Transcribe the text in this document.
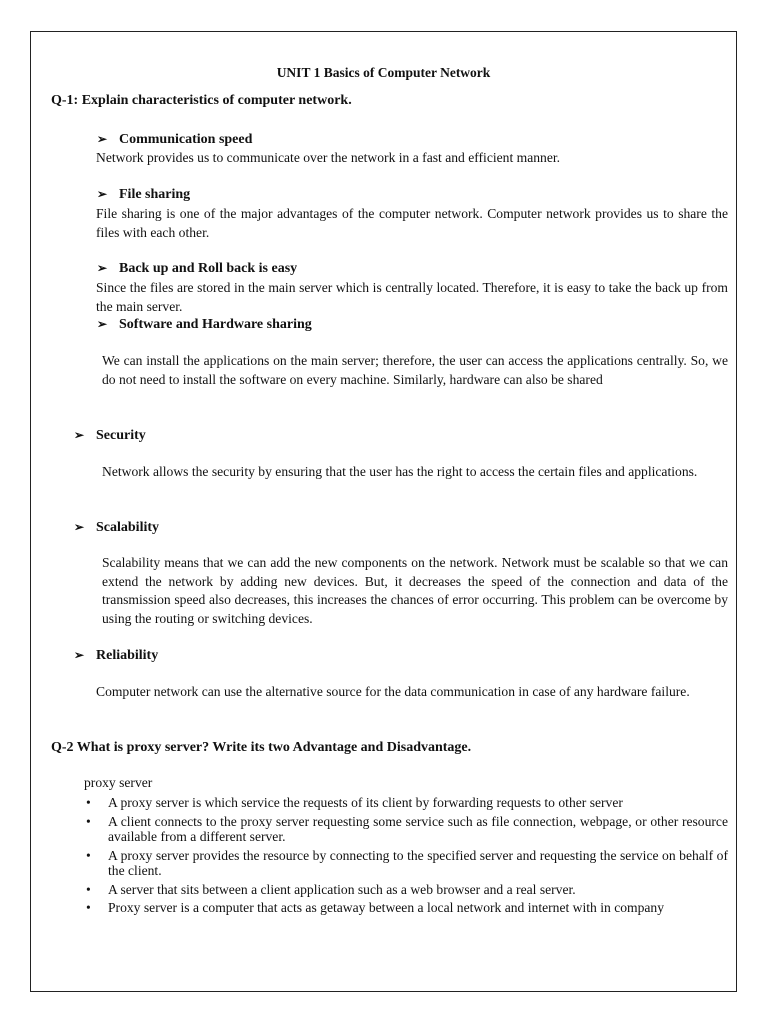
UNIT 1 Basics of Computer Network

Q-1: Explain characteristics of computer network.

➢ Communication speed

Network provides us to communicate over the network in a fast and efficient manner.

➢ File sharing

File sharing is one of the major advantages of the computer network. Computer network provides us to share the files with each other.

➢ Back up and Roll back is easy

Since the files are stored in the main server which is centrally located. Therefore, it is easy to take the back up from the main server.

➢ Software and Hardware sharing

We can install the applications on the main server; therefore, the user can access the applications centrally. So, we do not need to install the software on every machine. Similarly, hardware can also be shared

➢ Security

Network allows the security by ensuring that the user has the right to access the certain files and applications.

➢ Scalability

Scalability means that we can add the new components on the network. Network must be scalable so that we can extend the network by adding new devices. But, it decreases the speed of the connection and data of the transmission speed also decreases, this increases the chances of error occurring. This problem can be overcome by using the routing or switching devices.

➢ Reliability

Computer network can use the alternative source for the data communication in case of any hardware failure.

Q-2 What is proxy server? Write its two Advantage and Disadvantage.

proxy server

• A proxy server is which service the requests of its client by forwarding requests to other server
• A client connects to the proxy server requesting some service such as file connection, webpage, or other resource available from a different server.
• A proxy server provides the resource by connecting to the specified server and requesting the service on behalf of the client.
• A server that sits between a client application such as a web browser and a real server.
• Proxy server is a computer that acts as getaway between a local network and internet with in company
